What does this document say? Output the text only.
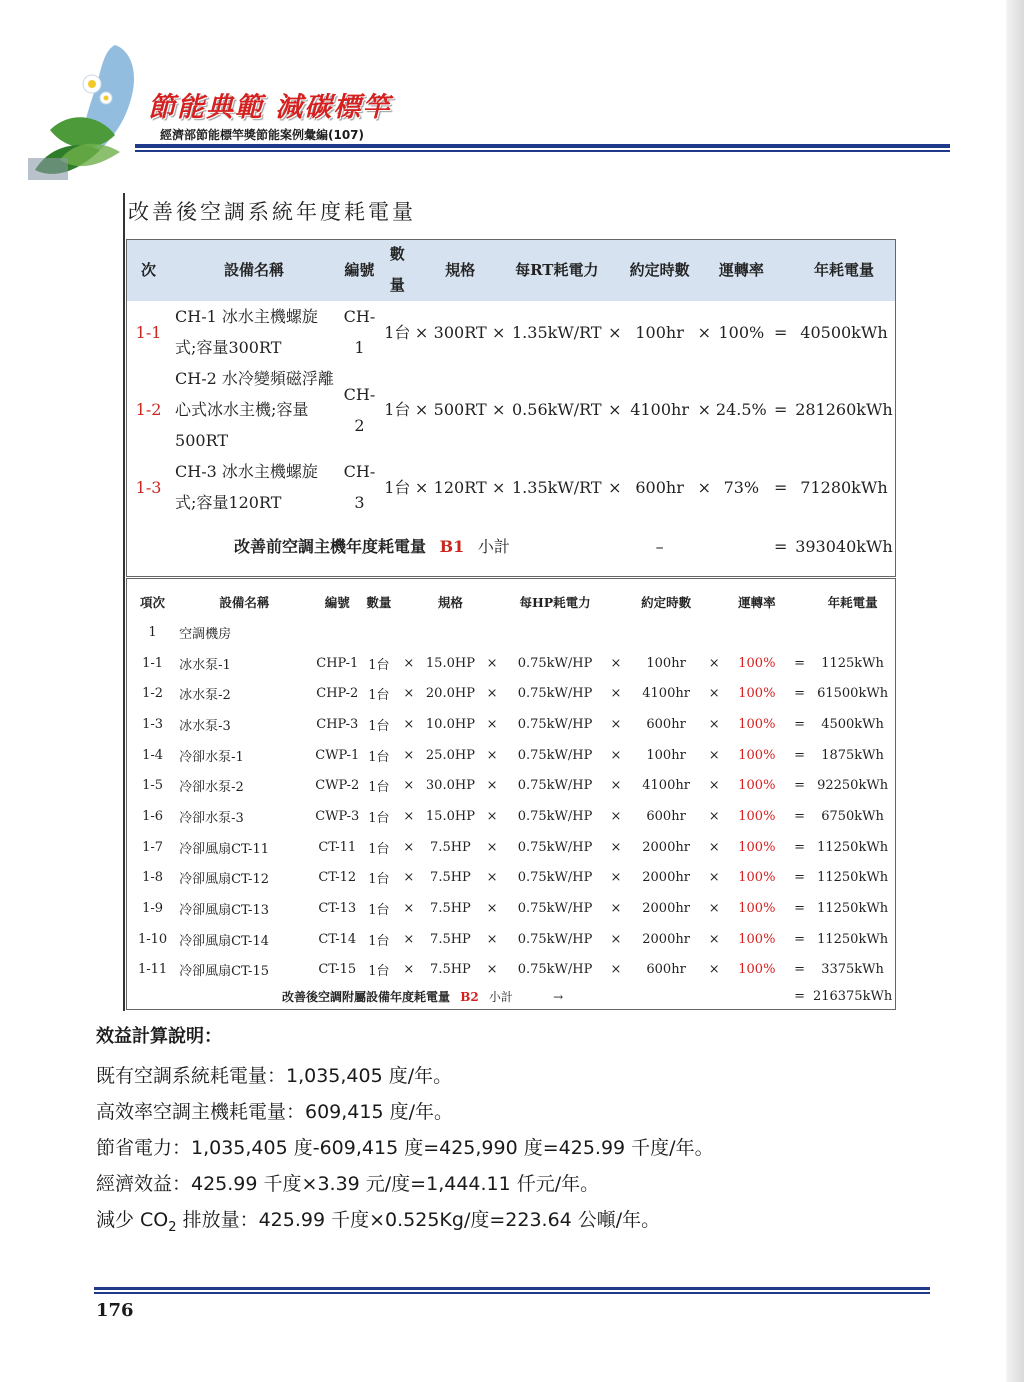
節能典範 減碳標竿
經濟部節能標竿獎節能案例彙編(107)
改善後空調系統年度耗電量
次	設備名稱	編號	數量		規格		每RT耗電力		約定時數		運轉率		年耗電量
1-1	CH-1 冰水主機螺旋式;容量300RT	CH-1	1台	×	300RT	×	1.35kW/RT	×	100hr	×	100%	=	40500kWh
1-2	CH-2 水冷變頻磁浮離心式冰水主機;容量500RT	CH-2	1台	×	500RT	×	0.56kW/RT	×	4100hr	×	24.5%	=	281260kWh
1-3	CH-3 冰水主機螺旋式;容量120RT	CH-3	1台	×	120RT	×	1.35kW/RT	×	600hr	×	73%	=	71280kWh
改善前空調主機年度耗電量 B1 小計									–			=	393040kWh
項次	設備名稱	編號	數量		規格		每HP耗電力		約定時數		運轉率		年耗電量
1	空調機房												
1-1	冰水泵-1	CHP-1	1台	×	15.0HP	×	0.75kW/HP	×	100hr	×	100%	=	1125kWh
1-2	冰水泵-2	CHP-2	1台	×	20.0HP	×	0.75kW/HP	×	4100hr	×	100%	=	61500kWh
1-3	冰水泵-3	CHP-3	1台	×	10.0HP	×	0.75kW/HP	×	600hr	×	100%	=	4500kWh
1-4	冷卻水泵-1	CWP-1	1台	×	25.0HP	×	0.75kW/HP	×	100hr	×	100%	=	1875kWh
1-5	冷卻水泵-2	CWP-2	1台	×	30.0HP	×	0.75kW/HP	×	4100hr	×	100%	=	92250kWh
1-6	冷卻水泵-3	CWP-3	1台	×	15.0HP	×	0.75kW/HP	×	600hr	×	100%	=	6750kWh
1-7	冷卻風扇CT-11	CT-11	1台	×	7.5HP	×	0.75kW/HP	×	2000hr	×	100%	=	11250kWh
1-8	冷卻風扇CT-12	CT-12	1台	×	7.5HP	×	0.75kW/HP	×	2000hr	×	100%	=	11250kWh
1-9	冷卻風扇CT-13	CT-13	1台	×	7.5HP	×	0.75kW/HP	×	2000hr	×	100%	=	11250kWh
1-10	冷卻風扇CT-14	CT-14	1台	×	7.5HP	×	0.75kW/HP	×	2000hr	×	100%	=	11250kWh
1-11	冷卻風扇CT-15	CT-15	1台	×	7.5HP	×	0.75kW/HP	×	600hr	×	100%	=	3375kWh
改善後空調附屬設備年度耗電量 B2 小計 →												=	216375kWh
效益計算說明：
既有空調系統耗電量：1,035,405 度/年。
高效率空調主機耗電量：609,415 度/年。
節省電力：1,035,405 度-609,415 度=425,990 度=425.99 千度/年。
經濟效益：425.99 千度×3.39 元/度=1,444.11 仟元/年。
減少 $CO_2$ 排放量：425.99 千度×0.525Kg/度=223.64 公噸/年。
176
